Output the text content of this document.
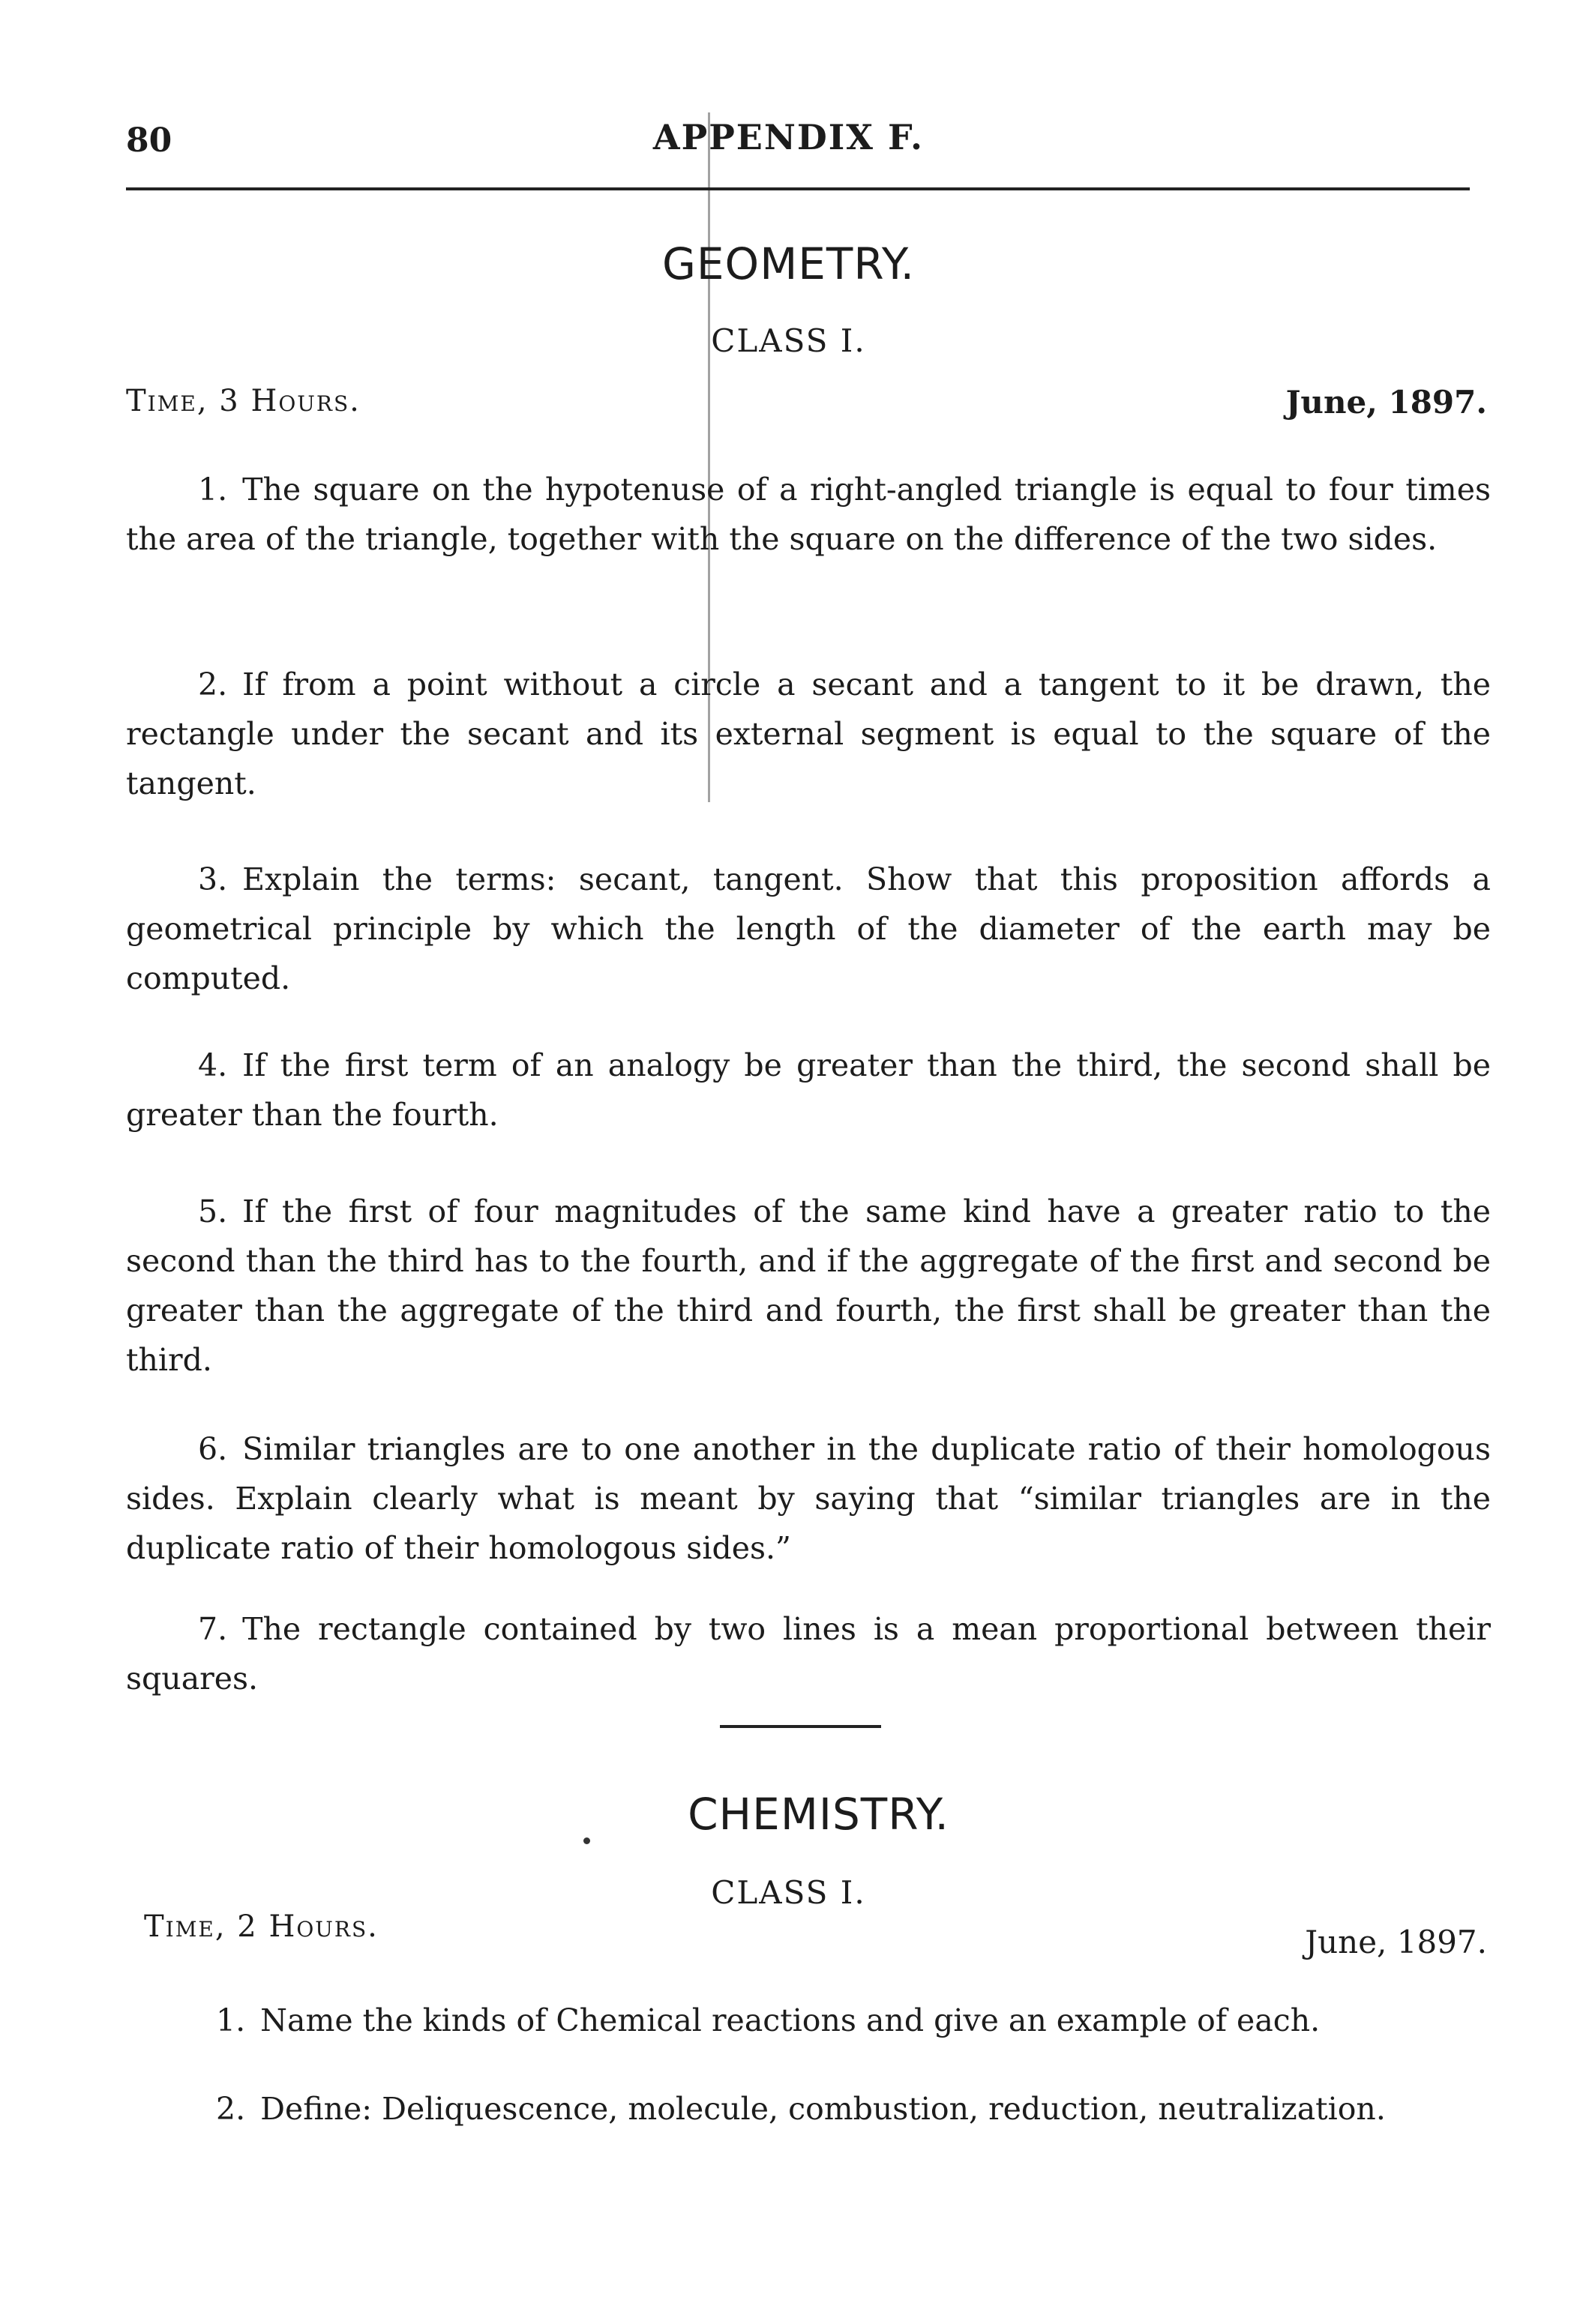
80	APPENDIX F.
GEOMETRY.
CLASS I.
Time, 3 Hours.	June, 1897.

1. The square on the hypotenuse of a right-angled triangle is equal to four times the area of the triangle, together with the square on the difference of the two sides.

2. If from a point without a circle a secant and a tangent to it be drawn, the rectangle under the secant and its external segment is equal to the square of the tangent.

3. Explain the terms: secant, tangent. Show that this proposition affords a geometrical principle by which the length of the diameter of the earth may be computed.

4. If the first term of an analogy be greater than the third, the second shall be greater than the fourth.

5. If the first of four magnitudes of the same kind have a greater ratio to the second than the third has to the fourth, and if the aggregate of the first and second be greater than the aggregate of the third and fourth, the first shall be greater than the third.

6. Similar triangles are to one another in the duplicate ratio of their homologous sides. Explain clearly what is meant by saying that “similar triangles are in the duplicate ratio of their homologous sides.”

7. The rectangle contained by two lines is a mean proportional between their squares.

CHEMISTRY.
CLASS I.
Time, 2 Hours.	June, 1897.

1. Name the kinds of Chemical reactions and give an example of each.

2. Define: Deliquescence, molecule, combustion, reduction, neutralization.
